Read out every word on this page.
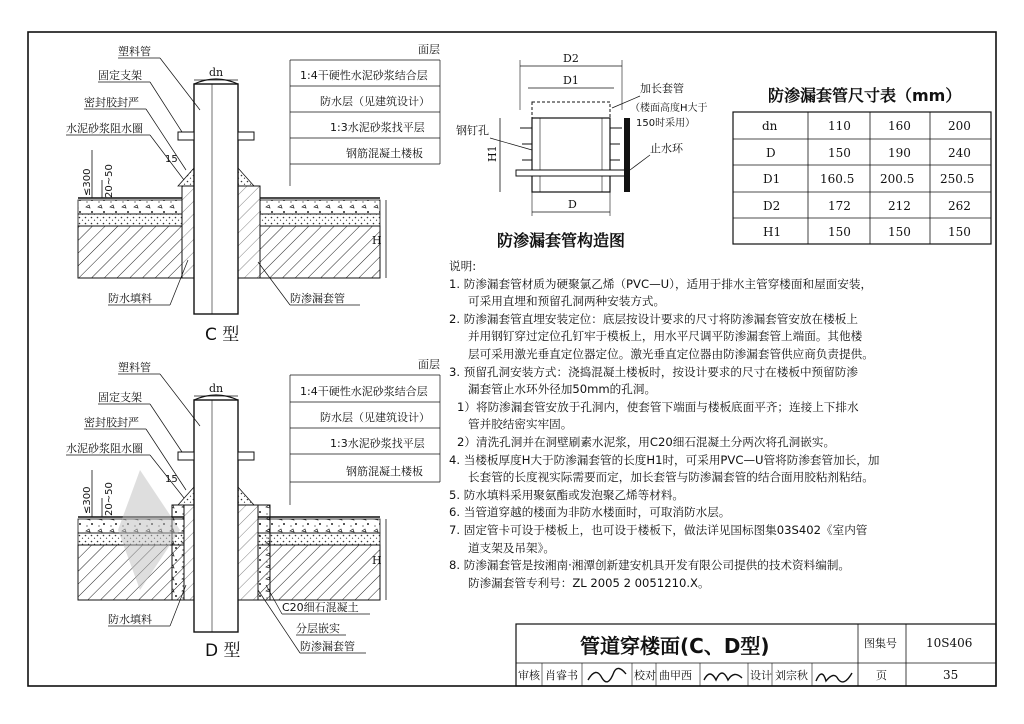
dn
15
≤300 20~50
H
塑料管
固定支架
密封胶封严
水泥砂浆阻水圈
面层
1:4干硬性水泥砂浆结合层
防水层（见建筑设计）
1:3水泥砂浆找平层
钢筋混凝土楼板
防水填料	防渗漏套管
C 型
dn
15
≤300 20~50
H
塑料管
固定支架
密封胶封严
水泥砂浆阻水圈
面层
1:4干硬性水泥砂浆结合层
防水层（见建筑设计）
1:3水泥砂浆找平层
钢筋混凝土楼板
防水填料
C20细石混凝土
分层嵌实
防渗漏套管
D 型
D2
D1
H1
D
钢钉孔
加长套管
（楼面高度H大于
150时采用）
止水环
防渗漏套管构造图
防渗漏套管尺寸表（mm）
dn	110	160	200
D	150	190	240
D1	160.5 200.5 250.5
D2	172	212	262
H1	150	150	150
管道穿楼面(C、D型)	图集号 10S406
审核 肖睿书	校对 曲甲西	设计 刘宗秋	页	35

说明:

1. 防渗漏套管材质为硬聚氯乙烯（PVC—U），适用于排水主管穿楼面和屋面安装，

可采用直埋和预留孔洞两种安装方式。

2. 防渗漏套管直埋安装定位：底层按设计要求的尺寸将防渗漏套管安放在楼板上

并用钢钉穿过定位孔钉牢于模板上，用水平尺调平防渗漏套管上端面。其他楼

层可采用激光垂直定位器定位。激光垂直定位器由防渗漏套管供应商负责提供。

3. 预留孔洞安装方式：浇捣混凝土楼板时，按设计要求的尺寸在楼板中预留防渗

漏套管止水环外径加50mm的孔洞。

1）将防渗漏套管安放于孔洞内，使套管下端面与楼板底面平齐；连接上下排水

管并胶结密实牢固。

2）清洗孔洞并在洞壁刷素水泥浆，用C20细石混凝土分两次将孔洞嵌实。

4. 当楼板厚度H大于防渗漏套管的长度H1时，可采用PVC—U管将防渗套管加长，加

长套管的长度视实际需要而定，加长套管与防渗漏套管的结合面用胶粘剂粘结。

5. 防水填料采用聚氨酯或发泡聚乙烯等材料。

6. 当管道穿越的楼面为非防水楼面时，可取消防水层。

7. 固定管卡可设于楼板上，也可设于楼板下，做法详见国标图集03S402《室内管

道支架及吊架》。

8. 防渗漏套管是按湘南·湘潭创新建安机具开发有限公司提供的技术资料编制。

防渗漏套管专利号：ZL 2005 2 0051210.X。
